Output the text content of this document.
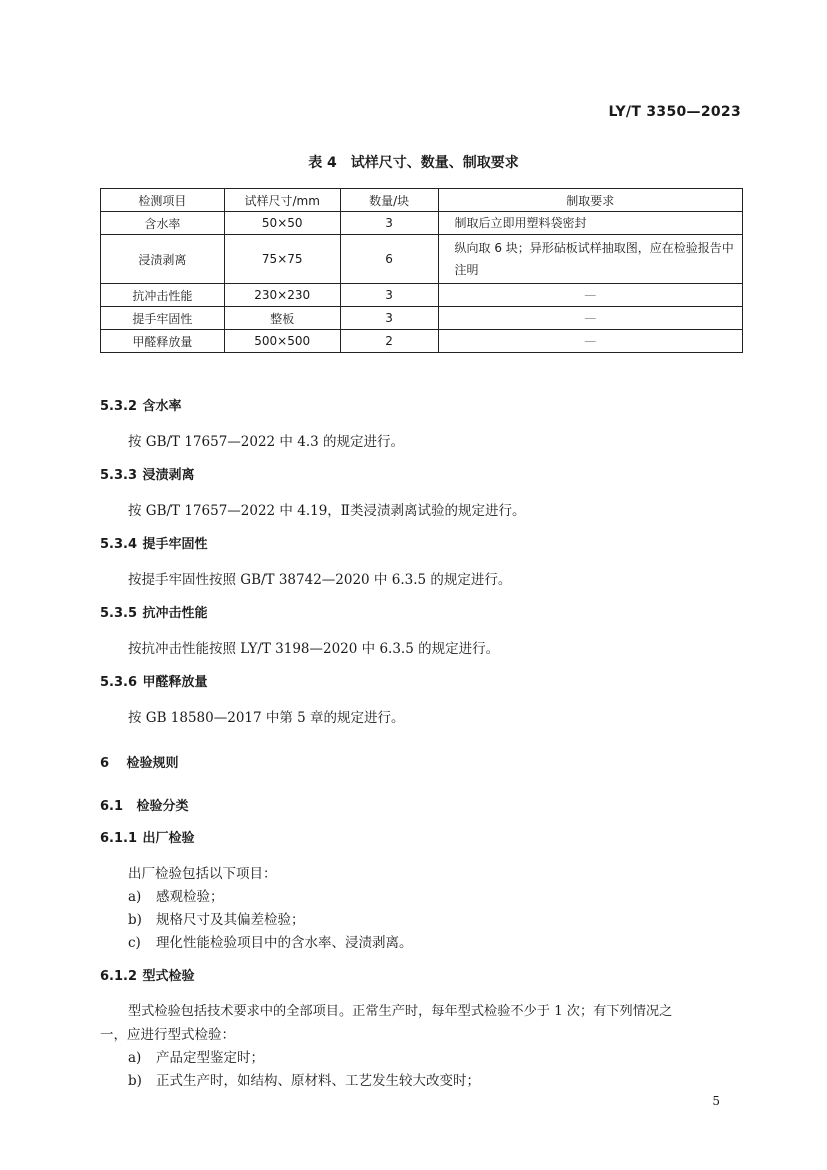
LY/T 3350—2023
表 4　试样尺寸、数量、制取要求
检测项目	试样尺寸/mm	数量/块	制取要求
含水率	50×50	3	制取后立即用塑料袋密封
浸渍剥离	75×75	6	纵向取 6 块；异形砧板试样抽取图，应在检验报告中注明
抗冲击性能	230×230	3	—
提手牢固性	整板	3	—
甲醛释放量	500×500	2	—
5.3.2 含水率
按 GB/T 17657—2022 中 4.3 的规定进行。
5.3.3 浸渍剥离
按 GB/T 17657—2022 中 4.19，Ⅱ类浸渍剥离试验的规定进行。
5.3.4 提手牢固性
按提手牢固性按照 GB/T 38742—2020 中 6.3.5 的规定进行。
5.3.5 抗冲击性能
按抗冲击性能按照 LY/T 3198—2020 中 6.3.5 的规定进行。
5.3.6 甲醛释放量
按 GB 18580—2017 中第 5 章的规定进行。
6 检验规则
6.1 检验分类
6.1.1 出厂检验
出厂检验包括以下项目：
a) 感观检验；
b) 规格尺寸及其偏差检验；
c) 理化性能检验项目中的含水率、浸渍剥离。
6.1.2 型式检验
型式检验包括技术要求中的全部项目。正常生产时，每年型式检验不少于 1 次；有下列情况之
一，应进行型式检验：
a) 产品定型鉴定时；
b) 正式生产时，如结构、原材料、工艺发生较大改变时；
5
